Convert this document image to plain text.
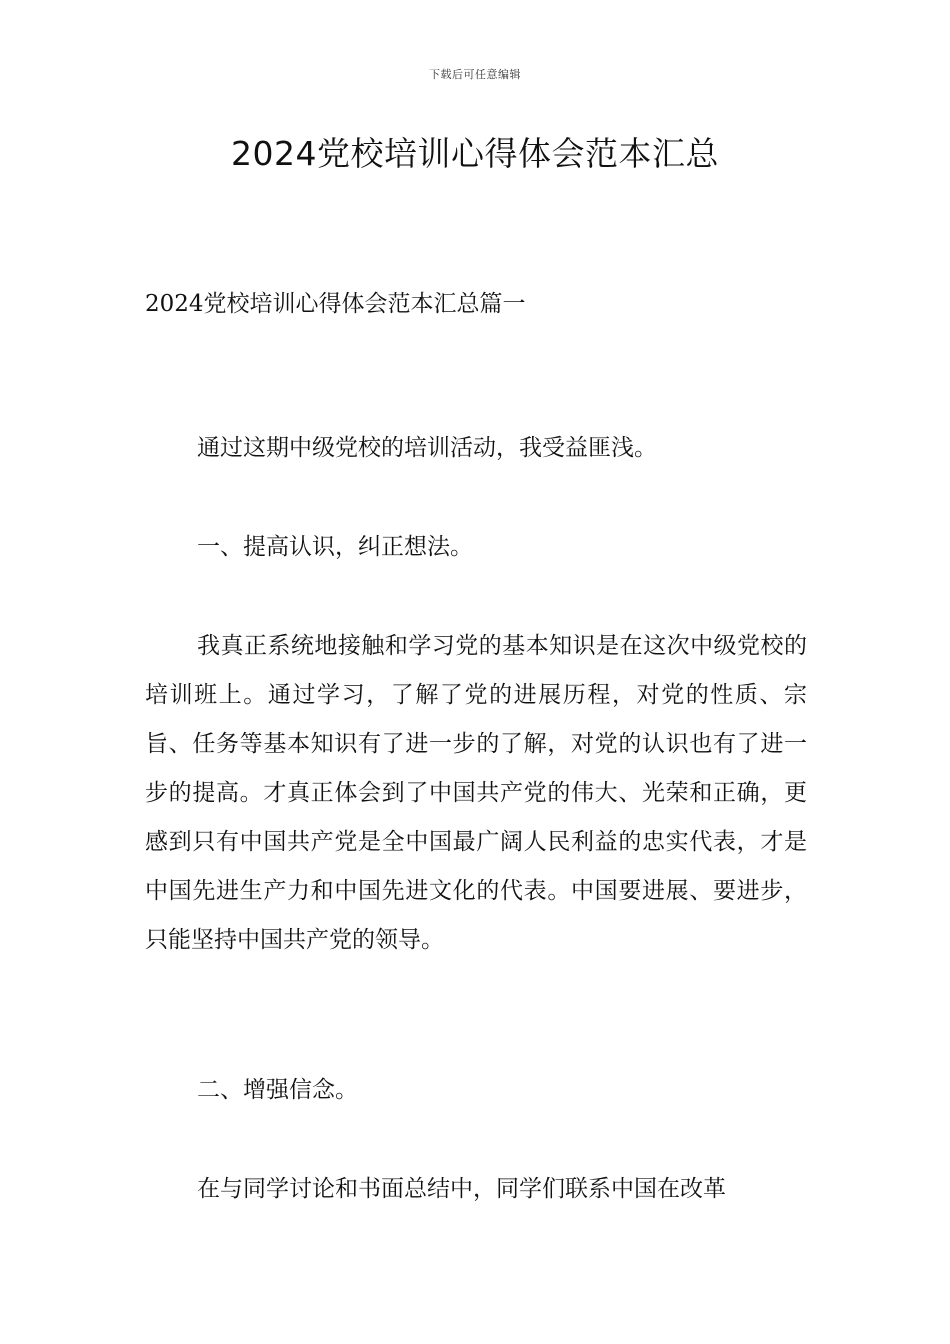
下载后可任意编辑
2024党校培训心得体会范本汇总
2024党校培训心得体会范本汇总篇一

通过这期中级党校的培训活动，我受益匪浅。

一、提高认识，纠正想法。

我真正系统地接触和学习党的基本知识是在这次中级党校的培训班上。通过学习，了解了党的进展历程，对党的性质、宗旨、任务等基本知识有了进一步的了解，对党的认识也有了进一步的提高。才真正体会到了中国共产党的伟大、光荣和正确，更感到只有中国共产党是全中国最广阔人民利益的忠实代表，才是中国先进生产力和中国先进文化的代表。中国要进展、要进步，只能坚持中国共产党的领导。

二、增强信念。

在与同学讨论和书面总结中，同学们联系中国在改革
